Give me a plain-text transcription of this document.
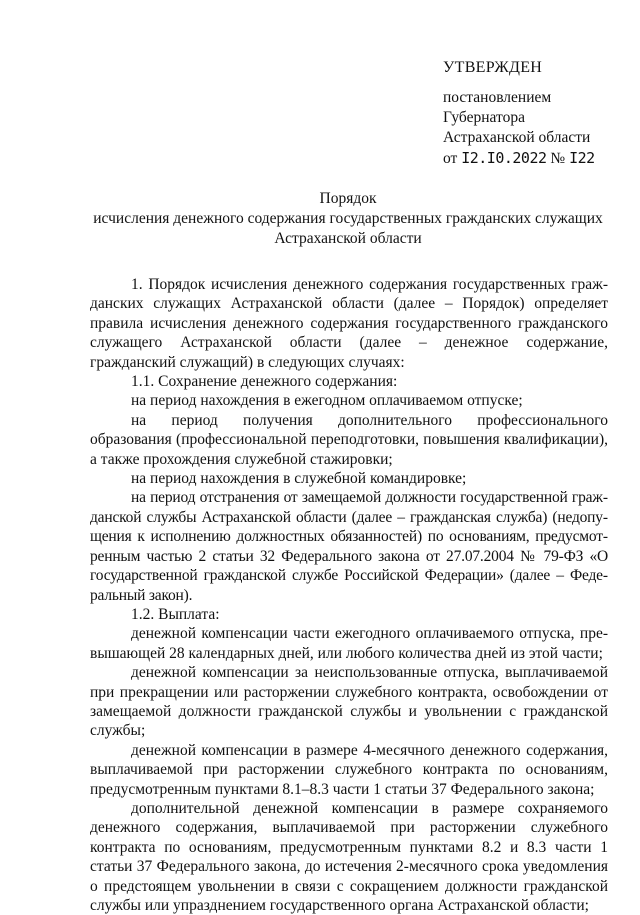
УТВЕРЖДЕН
постановлением
Губернатора
Астраханской области
от I2.I0.2022 № I22
Порядок
исчисления денежного содержания государственных гражданских служащих
Астраханской области

1. Порядок исчисления денежного содержания государственных гражданских служащих Астраханской области (далее – Порядок) определяет правила исчисления денежного содержания государственного гражданского служащего Астраханской области (далее – денежное содержание, гражданский служащий) в следующих случаях:

1.1. Сохранение денежного содержания:

на период нахождения в ежегодном оплачиваемом отпуске;

на период получения дополнительного профессионального образования (профессиональной переподготовки, повышения квалификации), а также прохождения служебной стажировки;

на период нахождения в служебной командировке;

на период отстранения от замещаемой должности государственной гражданской службы Астраханской области (далее – гражданская служба) (недопущения к исполнению должностных обязанностей) по основаниям, предусмотренным частью 2 статьи 32 Федерального закона от 27.07.2004 № 79-ФЗ «О государственной гражданской службе Российской Федерации» (далее – Федеральный закон).

1.2. Выплата:

денежной компенсации части ежегодного оплачиваемого отпуска, превышающей 28 календарных дней, или любого количества дней из этой части;

денежной компенсации за неиспользованные отпуска, выплачиваемой при прекращении или расторжении служебного контракта, освобождении от замещаемой должности гражданской службы и увольнении с гражданской службы;

денежной компенсации в размере 4-месячного денежного содержания, выплачиваемой при расторжении служебного контракта по основаниям, предусмотренным пунктами 8.1–8.3 части 1 статьи 37 Федерального закона;

дополнительной денежной компенсации в размере сохраняемого денежного содержания, выплачиваемой при расторжении служебного контракта по основаниям, предусмотренным пунктами 8.2 и 8.3 части 1 статьи 37 Федерального закона, до истечения 2-месячного срока уведомления о предстоящем увольнении в связи с сокращением должности гражданской службы или упразднением государственного органа Астраханской области;
